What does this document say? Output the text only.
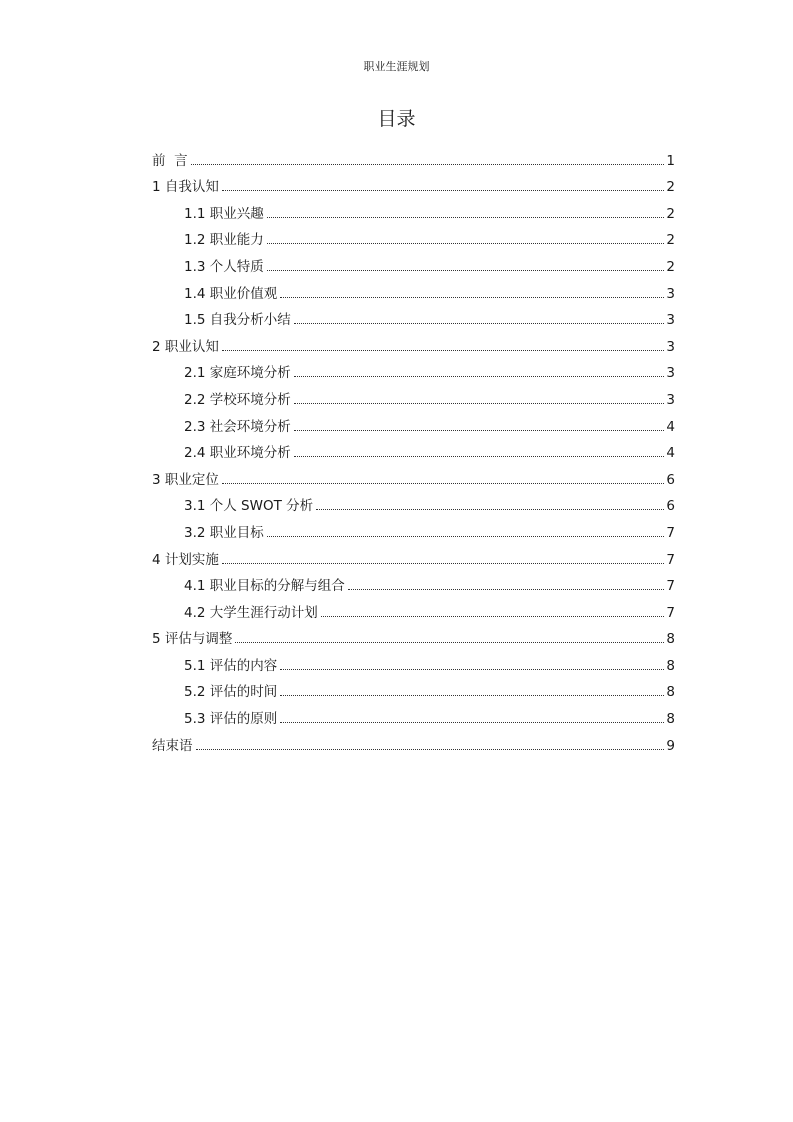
职业生涯规划
目录
前  言	1
1 自我认知	2
1.1 职业兴趣	2
1.2 职业能力	2
1.3 个人特质	2
1.4 职业价值观	3
1.5 自我分析小结	3
2 职业认知	3
2.1 家庭环境分析	3
2.2 学校环境分析	3
2.3 社会环境分析	4
2.4 职业环境分析	4
3 职业定位	6
3.1 个人 SWOT 分析	6
3.2 职业目标	7
4 计划实施	7
4.1 职业目标的分解与组合	7
4.2 大学生涯行动计划	7
5 评估与调整	8
5.1 评估的内容	8
5.2 评估的时间	8
5.3 评估的原则	8
结束语	9
